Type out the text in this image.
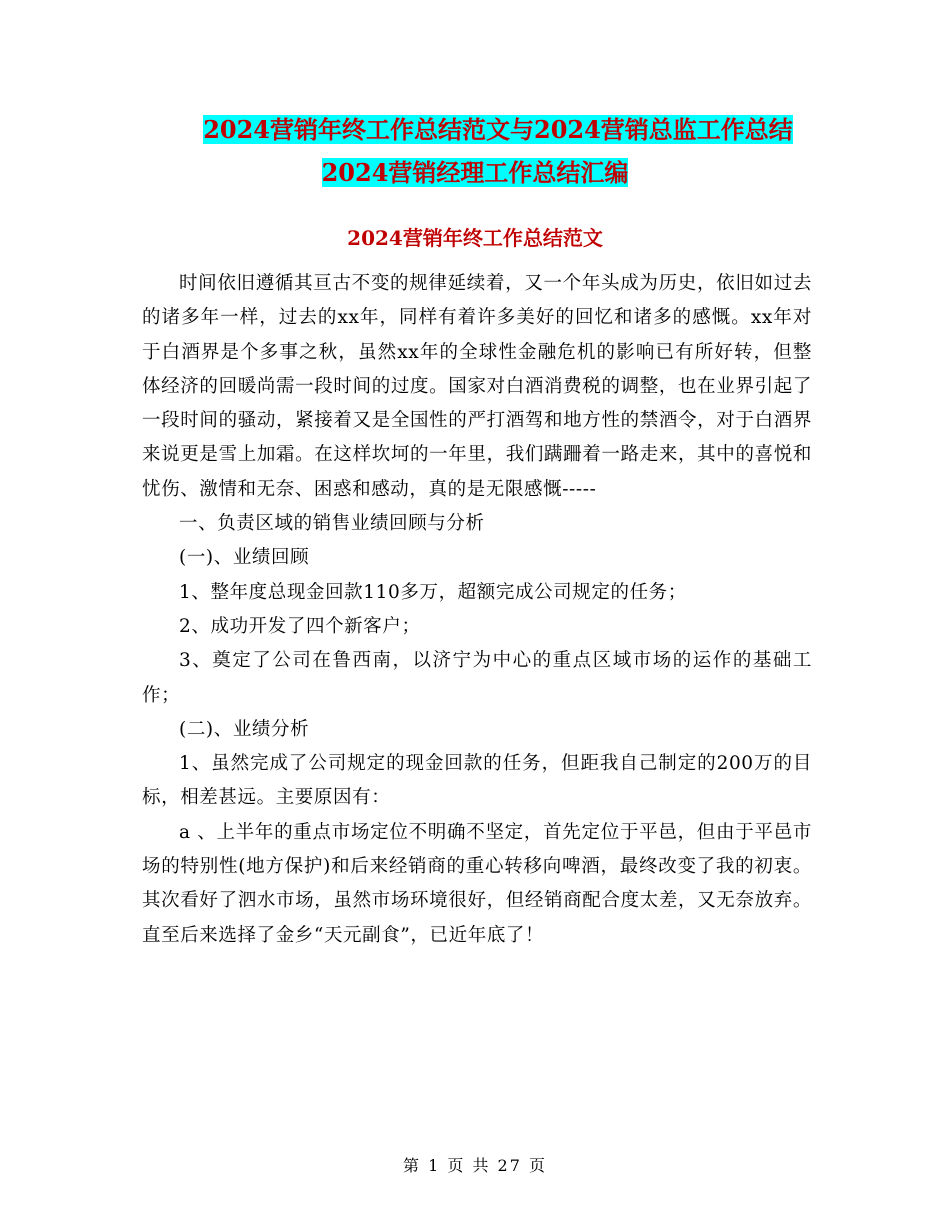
2024营销年终工作总结范文与2024营销总监工作总结
2024营销经理工作总结汇编
2024营销年终工作总结范文

时间依旧遵循其亘古不变的规律延续着，又一个年头成为历史，依旧如过去的诸多年一样，过去的xx年，同样有着许多美好的回忆和诸多的感慨。xx年对于白酒界是个多事之秋，虽然xx年的全球性金融危机的影响已有所好转，但整体经济的回暖尚需一段时间的过度。国家对白酒消费税的调整，也在业界引起了一段时间的骚动，紧接着又是全国性的严打酒驾和地方性的禁酒令，对于白酒界来说更是雪上加霜。在这样坎坷的一年里，我们蹒跚着一路走来，其中的喜悦和忧伤、激情和无奈、困惑和感动，真的是无限感慨-----

一、负责区域的销售业绩回顾与分析

(一)、业绩回顾

1、整年度总现金回款110多万，超额完成公司规定的任务；

2、成功开发了四个新客户；

3、奠定了公司在鲁西南，以济宁为中心的重点区域市场的运作的基础工作；

(二)、业绩分析

1、虽然完成了公司规定的现金回款的任务，但距我自己制定的200万的目标，相差甚远。主要原因有：

a 、上半年的重点市场定位不明确不坚定，首先定位于平邑，但由于平邑市场的特别性(地方保护)和后来经销商的重心转移向啤酒，最终改变了我的初衷。其次看好了泗水市场，虽然市场环境很好，但经销商配合度太差，又无奈放弃。直至后来选择了金乡“天元副食”，已近年底了！

第 1 页 共 27 页
